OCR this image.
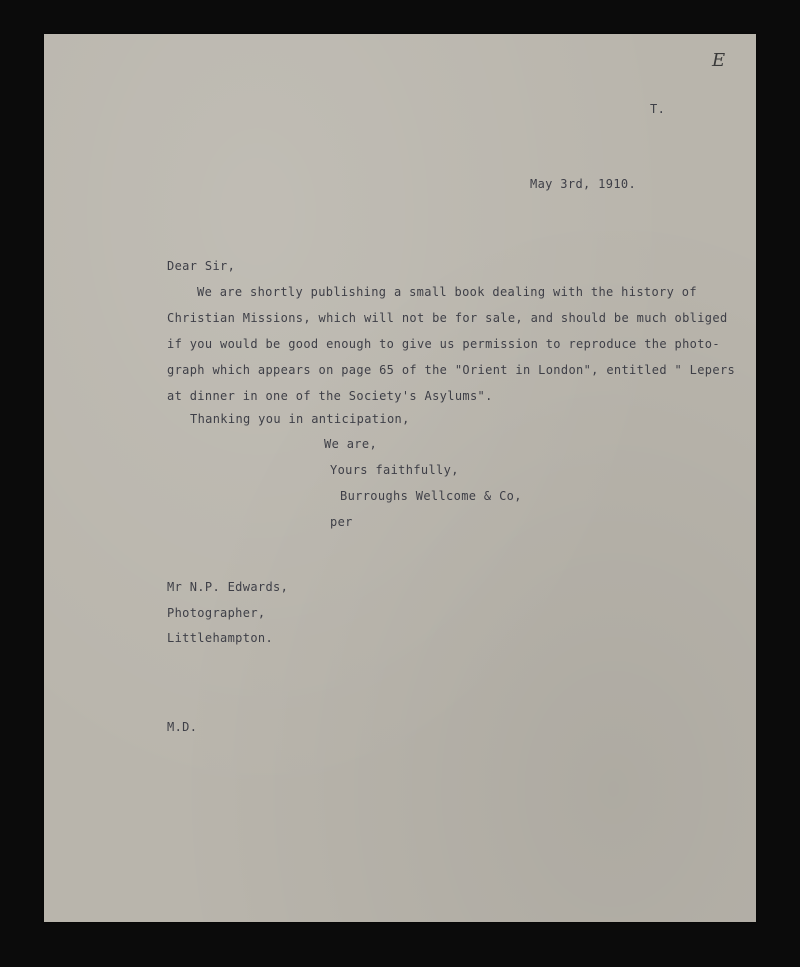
E
T.
May 3rd, 1910.
Dear Sir,
We are shortly publishing a small book dealing with the history of
Christian Missions, which will not be for sale, and should be much obliged
if you would be good enough to give us permission to reproduce the photo-
graph which appears on page 65 of the "Orient in London", entitled " Lepers
at dinner in one of the Society's Asylums".
Thanking you in anticipation,
We are,
Yours faithfully,
Burroughs Wellcome & Co,
per
Mr N.P. Edwards,
Photographer,
Littlehampton.
M.D.
